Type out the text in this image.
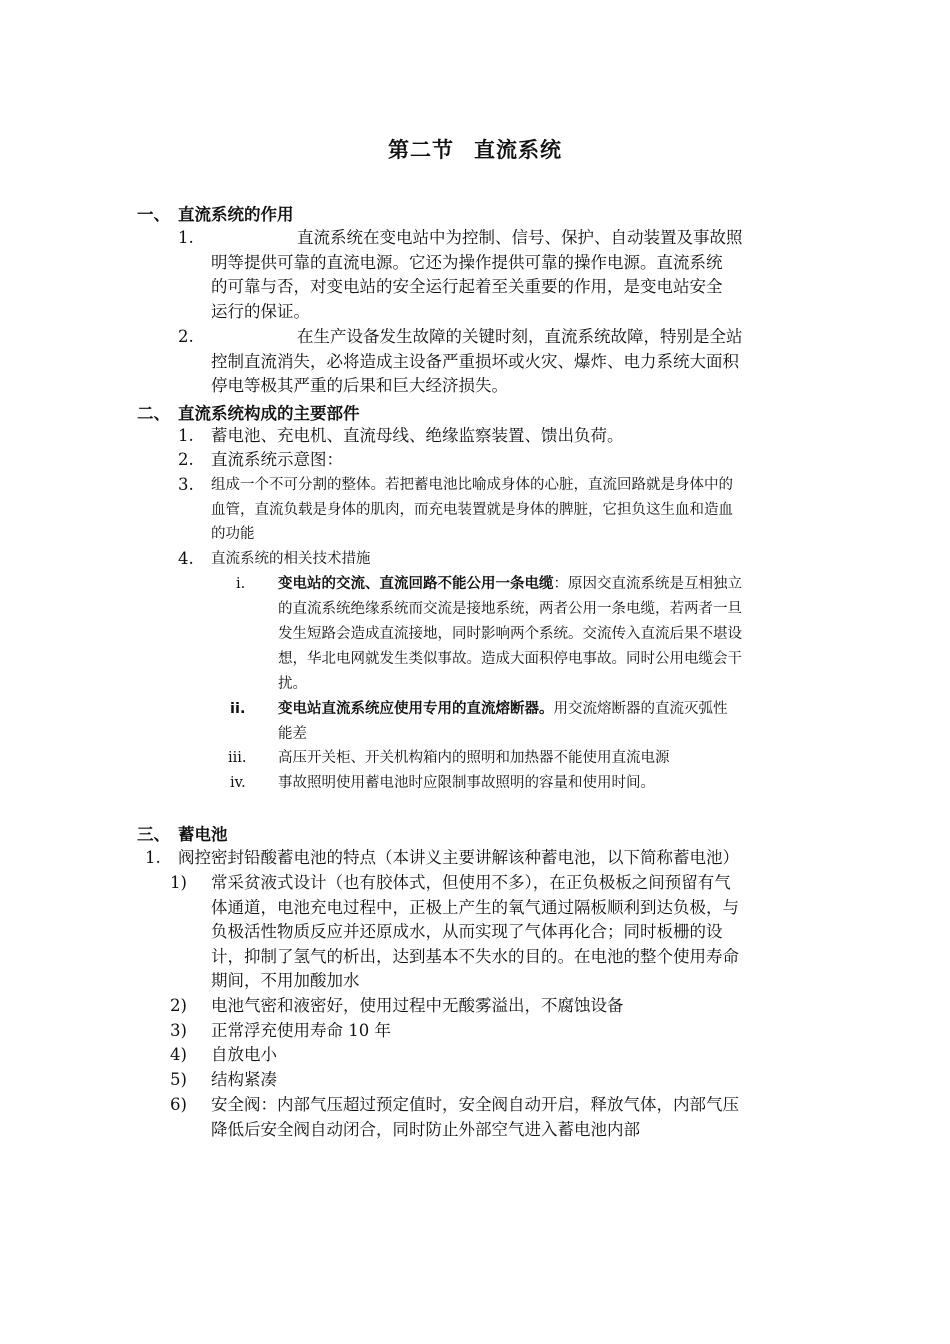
第二节 直流系统
一、 直流系统的作用
1.	直流系统在变电站中为控制、信号、保护、自动装置及事故照
明等提供可靠的直流电源。它还为操作提供可靠的操作电源。直流系统
的可靠与否，对变电站的安全运行起着至关重要的作用，是变电站安全
运行的保证。
2.	在生产设备发生故障的关键时刻，直流系统故障，特别是全站
控制直流消失，必将造成主设备严重损坏或火灾、爆炸、电力系统大面积
停电等极其严重的后果和巨大经济损失。
二、 直流系统构成的主要部件
1. 蓄电池、充电机、直流母线、绝缘监察装置、馈出负荷。
2. 直流系统示意图：
3. 组成一个不可分割的整体。若把蓄电池比喻成身体的心脏，直流回路就是身体中的
血管，直流负载是身体的肌肉，而充电装置就是身体的脾脏，它担负这生血和造血
的功能
4. 直流系统的相关技术措施
i. 变电站的交流、直流回路不能公用一条电缆：原因交直流系统是互相独立
的直流系统绝缘系统而交流是接地系统，两者公用一条电缆，若两者一旦
发生短路会造成直流接地，同时影响两个系统。交流传入直流后果不堪设
想，华北电网就发生类似事故。造成大面积停电事故。同时公用电缆会干
扰。
ii. 变电站直流系统应使用专用的直流熔断器。用交流熔断器的直流灭弧性
能差
iii. 高压开关柜、开关机构箱内的照明和加热器不能使用直流电源
iv. 事故照明使用蓄电池时应限制事故照明的容量和使用时间。
三、 蓄电池
1. 阀控密封铅酸蓄电池的特点（本讲义主要讲解该种蓄电池，以下简称蓄电池）
1) 常采贫液式设计（也有胶体式，但使用不多），在正负极板之间预留有气
体通道，电池充电过程中，正极上产生的氧气通过隔板顺利到达负极，与
负极活性物质反应并还原成水，从而实现了气体再化合；同时板栅的设
计，抑制了氢气的析出，达到基本不失水的目的。在电池的整个使用寿命
期间，不用加酸加水
2) 电池气密和液密好，使用过程中无酸雾溢出，不腐蚀设备
3) 正常浮充使用寿命 10 年
4) 自放电小
5) 结构紧凑
6) 安全阀：内部气压超过预定值时，安全阀自动开启，释放气体，内部气压
降低后安全阀自动闭合，同时防止外部空气进入蓄电池内部
